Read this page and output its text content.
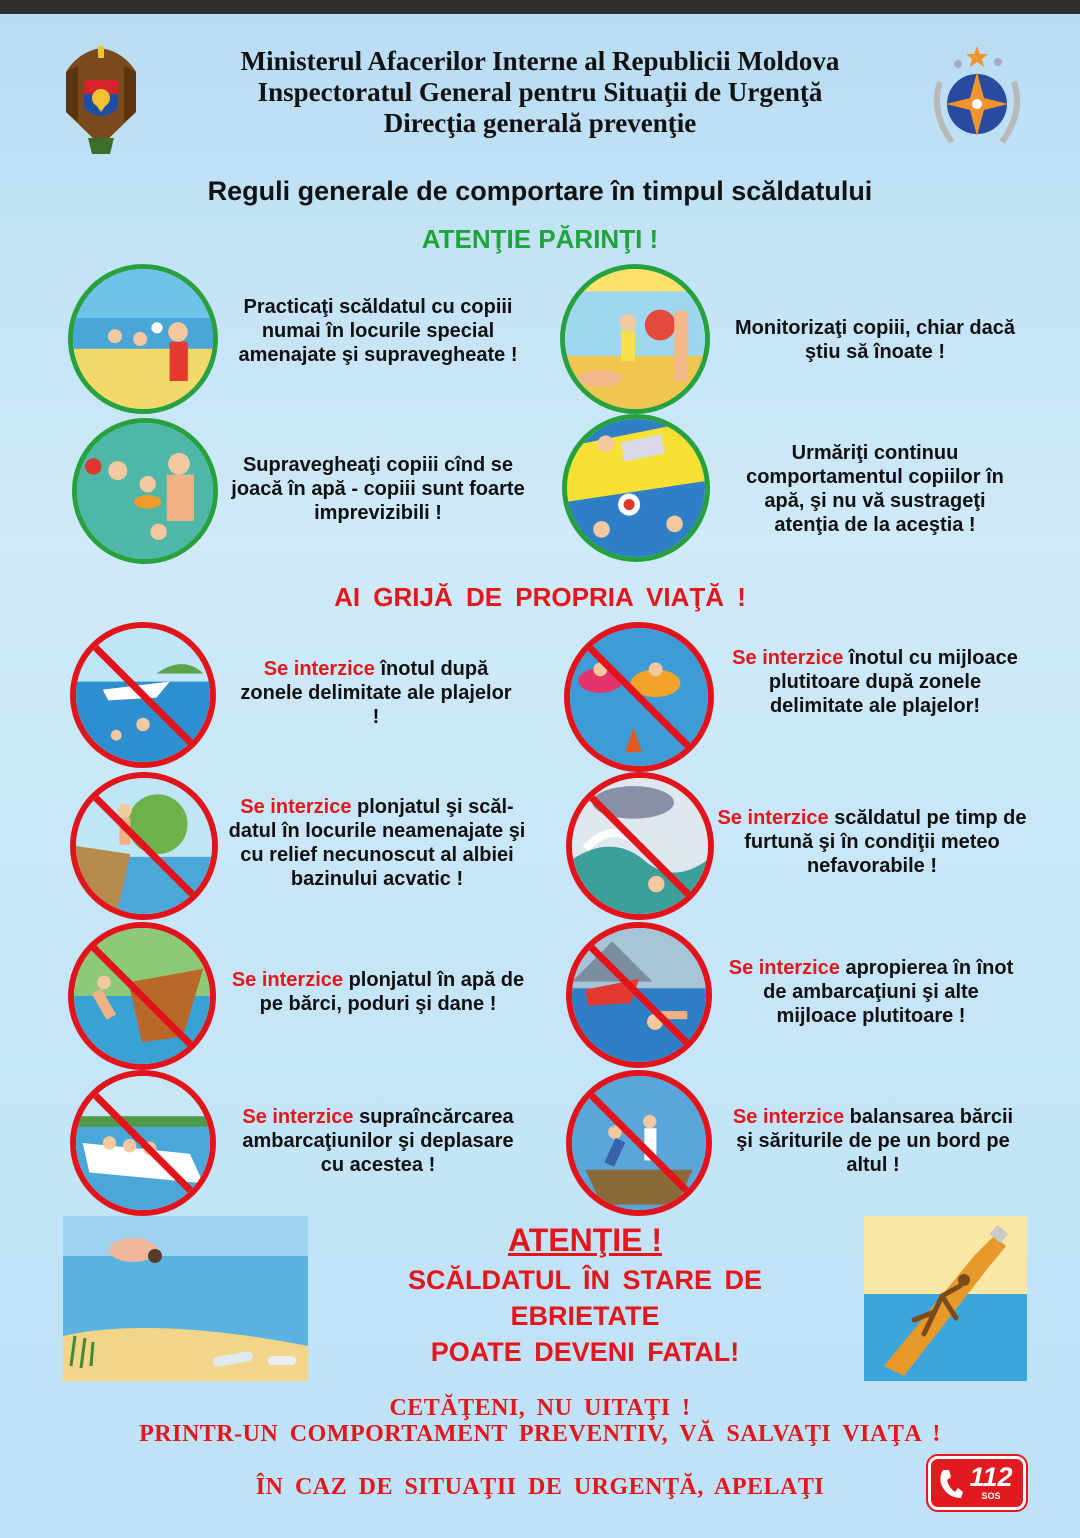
Ministerul Afacerilor Interne al Republicii Moldova
Inspectoratul General pentru Situaţii de Urgenţă
Direcţia generală prevenţie
Reguli generale de comportare în timpul scăldatului
ATENŢIE PĂRINŢI !
Practicaţi scăldatul cu copiii numai în locurile special amenajate şi supravegheate !
Monitorizaţi copiii, chiar dacă ştiu să înoate !
Supravegheaţi copiii cînd se joacă în apă - copiii sunt foarte imprevizibili !
Urmăriţi continuu comportamentul copiilor în apă, şi nu vă sustrageţi atenţia de la aceştia !
AI GRIJĂ DE PROPRIA VIAŢĂ !
Se interzice înotul după zonele delimitate ale plajelor !
Se interzice înotul cu mijloace plutitoare după zonele delimitate ale plajelor!
Se interzice plonjatul şi scăl-datul în locurile neamenajate şi cu relief necunoscut al albiei bazinului acvatic !
Se interzice scăldatul pe timp de furtună şi în condiţii meteo nefavorabile !
Se interzice plonjatul în apă de pe bărci, poduri şi dane !
Se interzice apropierea în înot de ambarcaţiuni şi alte mijloace plutitoare !
Se interzice supraîncărcarea ambarcaţiunilor şi deplasare cu acestea !
Se interzice balansarea bărcii şi săriturile de pe un bord pe altul !
ATENŢIE !
SCĂLDATUL ÎN STARE DE
EBRIETATE
POATE DEVENI FATAL!
CETĂŢENI, NU UITAŢI !
PRINTR-UN COMPORTAMENT PREVENTIV, VĂ SALVAŢI VIAŢA !
ÎN CAZ DE SITUAŢII DE URGENŢĂ, APELAŢI	112
SOS
